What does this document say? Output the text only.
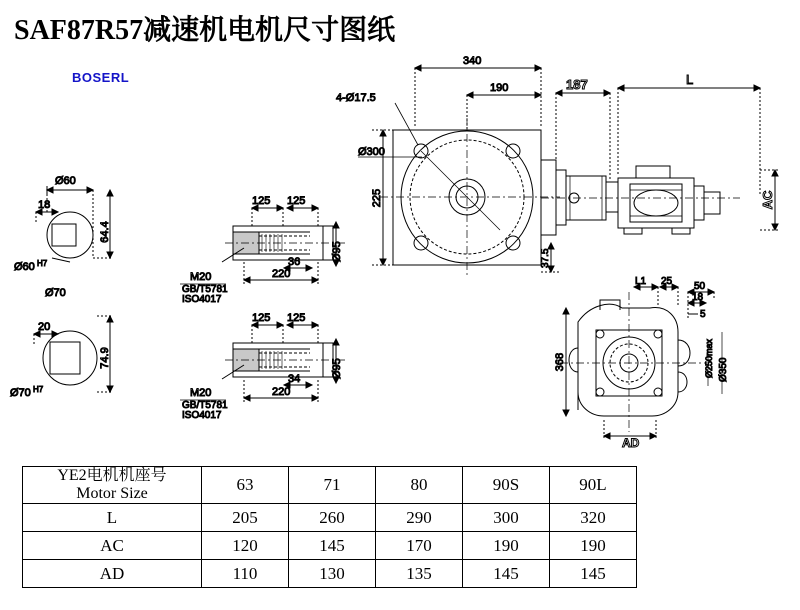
SAF87R57减速机电机尺寸图纸
BOSERL
Ø60
18
64.4
Ø60 H7
Ø70
20
74.9
Ø70 H7
125 125
36
220
Ø95
M20
GB/T5781
ISO4017
125 125
34
220
Ø95
M20
GB/T5781
ISO4017
Ø300
4-Ø17.5
340
190
225
187	L
AC
37.5
L1 25 50
18
5
368	Ø250max Ø350
AD
YE2电机机座号
Motor Size	63	71	80	90S	90L
L	205	260	290	300	320
AC	120	145	170	190	190
AD	110	130	135	145	145
